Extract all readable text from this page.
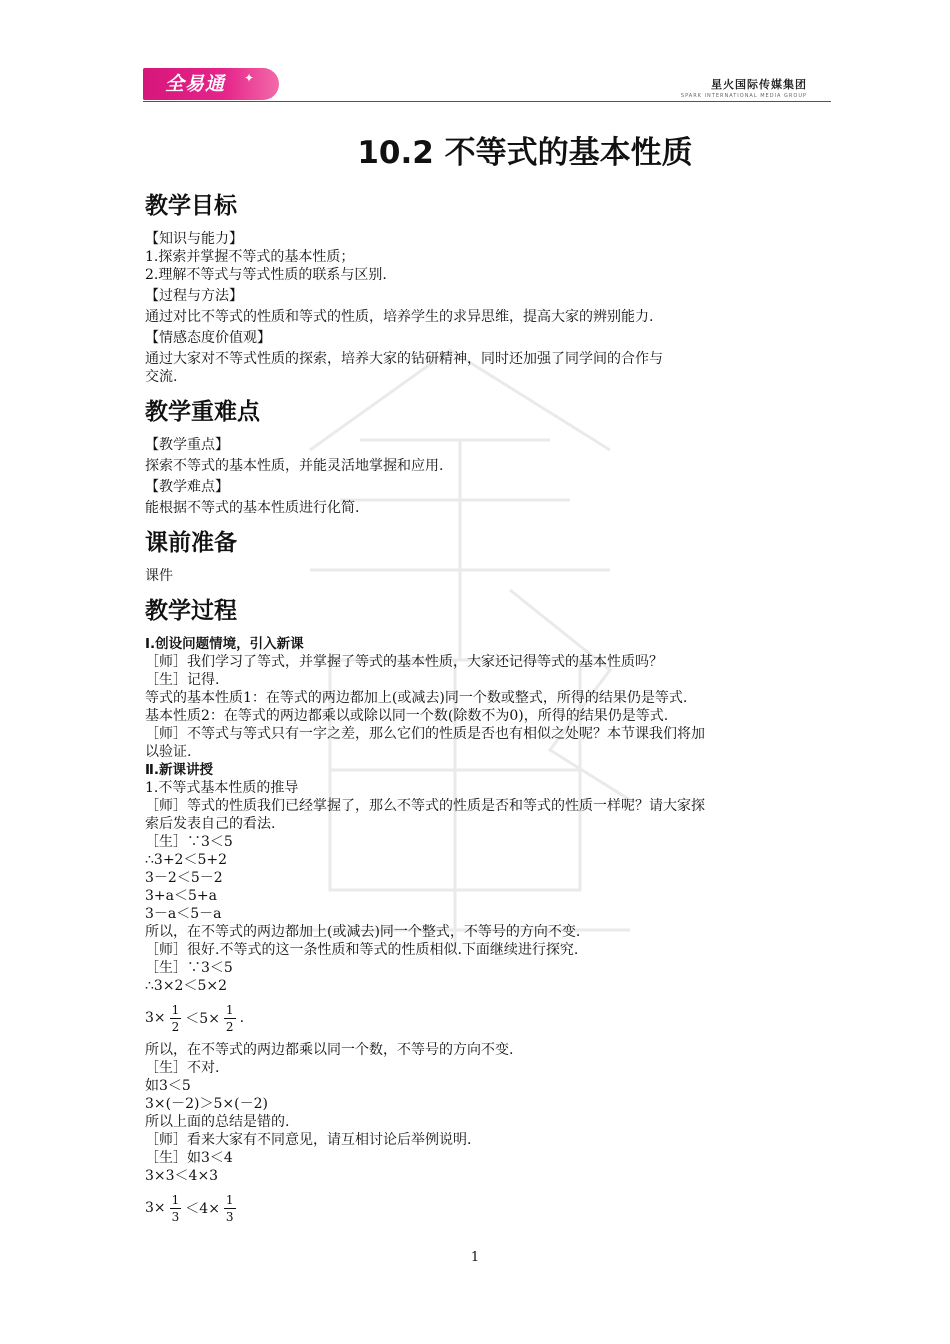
全易通 ✦	星火国际传媒集团
SPARK INTERNATIONAL MEDIA GROUP
10.2 不等式的基本性质
教学目标

【知识与能力】

1.探索并掌握不等式的基本性质；

2.理解不等式与等式性质的联系与区别.

【过程与方法】

通过对比不等式的性质和等式的性质，培养学生的求异思维，提高大家的辨别能力.

【情感态度价值观】

通过大家对不等式性质的探索，培养大家的钻研精神，同时还加强了同学间的合作与

交流.

教学重难点

【教学重点】

探索不等式的基本性质，并能灵活地掌握和应用.

【教学难点】

能根据不等式的基本性质进行化简.

课前准备

课件

教学过程

Ⅰ.创设问题情境，引入新课

［师］我们学习了等式，并掌握了等式的基本性质，大家还记得等式的基本性质吗？

［生］记得.

等式的基本性质1：在等式的两边都加上(或减去)同一个数或整式，所得的结果仍是等式.

基本性质2：在等式的两边都乘以或除以同一个数(除数不为0)，所得的结果仍是等式.

［师］不等式与等式只有一字之差，那么它们的性质是否也有相似之处呢？本节课我们将加

以验证.

Ⅱ.新课讲授

1.不等式基本性质的推导

［师］等式的性质我们已经掌握了，那么不等式的性质是否和等式的性质一样呢？请大家探

索后发表自己的看法.

［生］∵3＜5

∴3+2＜5+2

3－2＜5－2

3+a＜5+a

3－a＜5－a

所以，在不等式的两边都加上(或减去)同一个整式，不等号的方向不变.

［师］很好.不等式的这一条性质和等式的性质相似.下面继续进行探究.

［生］∵3＜5

∴3×2＜5×2

$3\times \frac{1}{2} <5\times \frac{1}{2}$ .

所以，在不等式的两边都乘以同一个数，不等号的方向不变.

［生］不对.

如3＜5

3×(－2)＞5×(－2)

所以上面的总结是错的.

［师］看来大家有不同意见，请互相讨论后举例说明.

［生］如3＜4

3×3＜4×3

$3\times \frac{1}{3} <4\times \frac{1}{3}$
1
